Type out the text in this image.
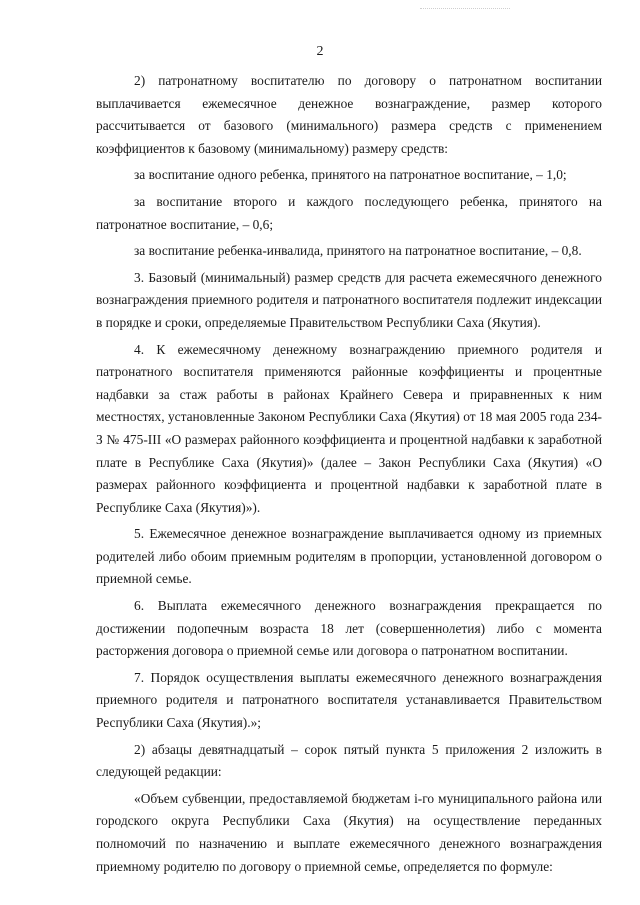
2

2) патронатному воспитателю по договору о патронатном воспитании выплачивается ежемесячное денежное вознаграждение, размер которого рассчитывается от базового (минимального) размера средств с применением коэффициентов к базовому (минимальному) размеру средств:

за воспитание одного ребенка, принятого на патронатное воспитание, – 1,0;

за воспитание второго и каждого последующего ребенка, принятого на патронатное воспитание, – 0,6;

за воспитание ребенка-инвалида, принятого на патронатное воспитание, – 0,8.

3. Базовый (минимальный) размер средств для расчета ежемесячного денежного вознаграждения приемного родителя и патронатного воспитателя подлежит индексации в порядке и сроки, определяемые Правительством Республики Саха (Якутия).

4. К ежемесячному денежному вознаграждению приемного родителя и патронатного воспитателя применяются районные коэффициенты и процентные надбавки за стаж работы в районах Крайнего Севера и приравненных к ним местностях, установленные Законом Республики Саха (Якутия) от 18 мая 2005 года 234-З № 475-III «О размерах районного коэффициента и процентной надбавки к заработной плате в Республике Саха (Якутия)» (далее – Закон Республики Саха (Якутия) «О размерах районного коэффициента и процентной надбавки к заработной плате в Республике Саха (Якутия)»).

5. Ежемесячное денежное вознаграждение выплачивается одному из приемных родителей либо обоим приемным родителям в пропорции, установленной договором о приемной семье.

6. Выплата ежемесячного денежного вознаграждения прекращается по достижении подопечным возраста 18 лет (совершеннолетия) либо с момента расторжения договора о приемной семье или договора о патронатном воспитании.

7. Порядок осуществления выплаты ежемесячного денежного вознаграждения приемного родителя и патронатного воспитателя устанавливается Правительством Республики Саха (Якутия).»;

2) абзацы девятнадцатый – сорок пятый пункта 5 приложения 2 изложить в следующей редакции:

«Объем субвенции, предоставляемой бюджетам i-го муниципального района или городского округа Республики Саха (Якутия) на осуществление переданных полномочий по назначению и выплате ежемесячного денежного вознаграждения приемному родителю по договору о приемной семье, определяется по формуле:
